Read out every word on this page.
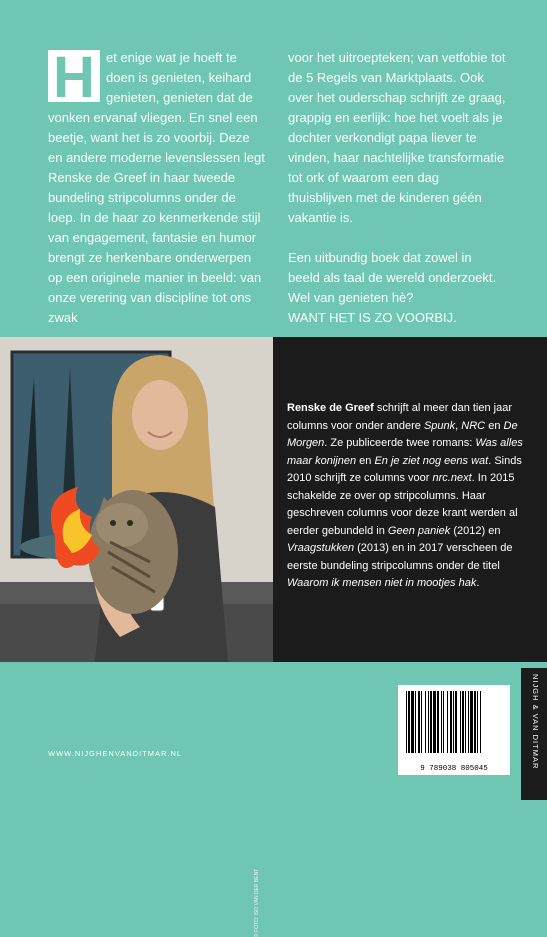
H et enige wat je hoeft te doen is genieten, keihard genieten, genieten dat de vonken ervanaf vliegen. En snel een beetje, want het is zo voorbij. Deze en andere moderne levenslessen legt Renske de Greef in haar tweede bundeling stripcolumns onder de loep. In de haar zo kenmerkende stijl van engagement, fantasie en humor brengt ze herkenbare onderwerpen op een originele manier in beeld: van onze verering van discipline tot ons zwak

voor het uitroepteken; van vetfobie tot de 5 Regels van Marktplaats. Ook over het ouderschap schrijft ze graag, grappig en eerlijk: hoe het voelt als je dochter verkondigt papa liever te vinden, haar nachtelijke transformatie tot ork of waarom een dag thuisblijven met de kinderen géén vakantie is.

Een uitbundig boek dat zowel in beeld als taal de wereld onderzoekt. Wel van genieten hè?
WANT HET IS ZO VOORBIJ.

© FOTO: ISO VAN DER BENT

Renske de Greef schrijft al meer dan tien jaar columns voor onder andere Spunk, NRC en De Morgen. Ze publiceerde twee romans: Was alles maar konijnen en En je ziet nog eens wat. Sinds 2010 schrijft ze columns voor nrc.next. In 2015 schakelde ze over op stripcolumns. Haar geschreven columns voor deze krant werden al eerder gebundeld in Geen paniek (2012) en Vraagstukken (2013) en in 2017 verscheen de eerste bundeling stripcolumns onder de titel Waarom ik mensen niet in mootjes hak.

WWW.NIJGHENVANDITMAR.NL
9 789038 805045	NIJGH & VAN DITMAR
